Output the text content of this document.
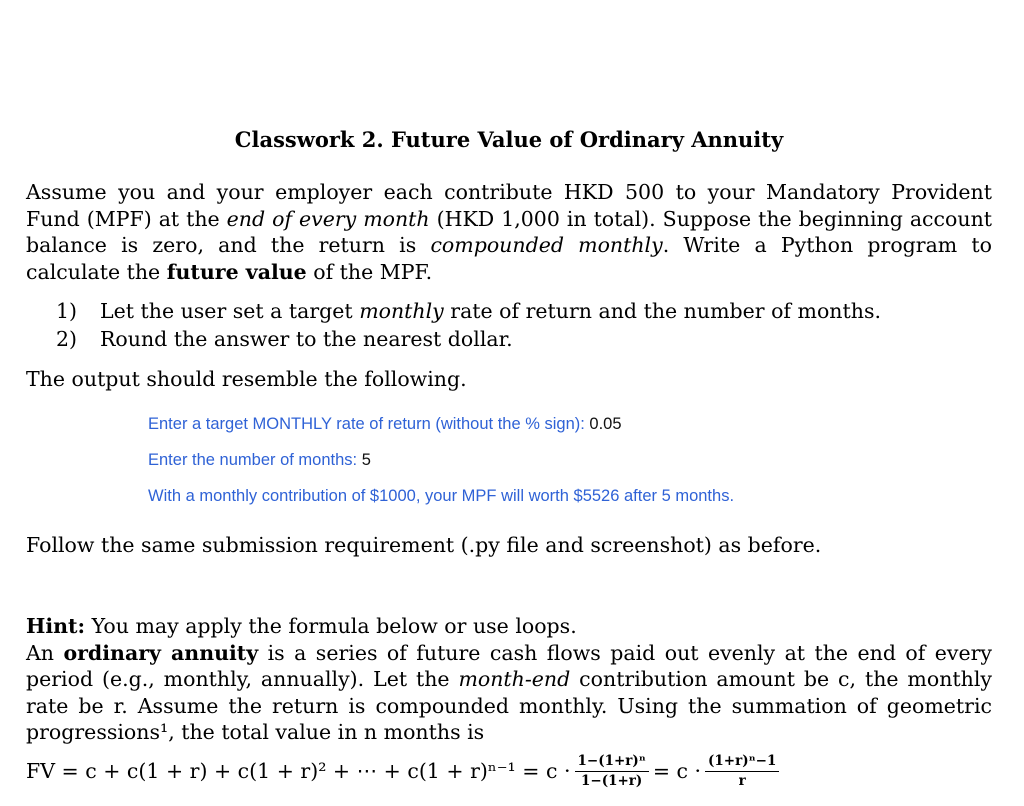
Classwork 2. Future Value of Ordinary Annuity
Assume you and your employer each contribute HKD 500 to your Mandatory Provident Fund (MPF) at the end of every month (HKD 1,000 in total). Suppose the beginning account balance is zero, and the return is compounded monthly. Write a Python program to calculate the future value of the MPF.
1)	Let the user set a target monthly rate of return and the number of months.
2)	Round the answer to the nearest dollar.
The output should resemble the following.
Enter a target MONTHLY rate of return (without the % sign): 0.05
Enter the number of months: 5
With a monthly contribution of $1000, your MPF will worth $5526 after 5 months.
Follow the same submission requirement (.py file and screenshot) as before.
Hint: You may apply the formula below or use loops.
An ordinary annuity is a series of future cash flows paid out evenly at the end of every period (e.g., monthly, annually). Let the month-end contribution amount be c, the monthly rate be r. Assume the return is compounded monthly. Using the summation of geometric progressions¹, the total value in n months is
FV = c + c(1 + r) + c(1 + r)² + ⋯ + $c(1 + r)^{n-1} = c \cdot \frac{\text{1−(1+r)ⁿ}}{1-(1+r)} = c \cdot \frac{\text{(1+r)ⁿ−1}}{r}$
